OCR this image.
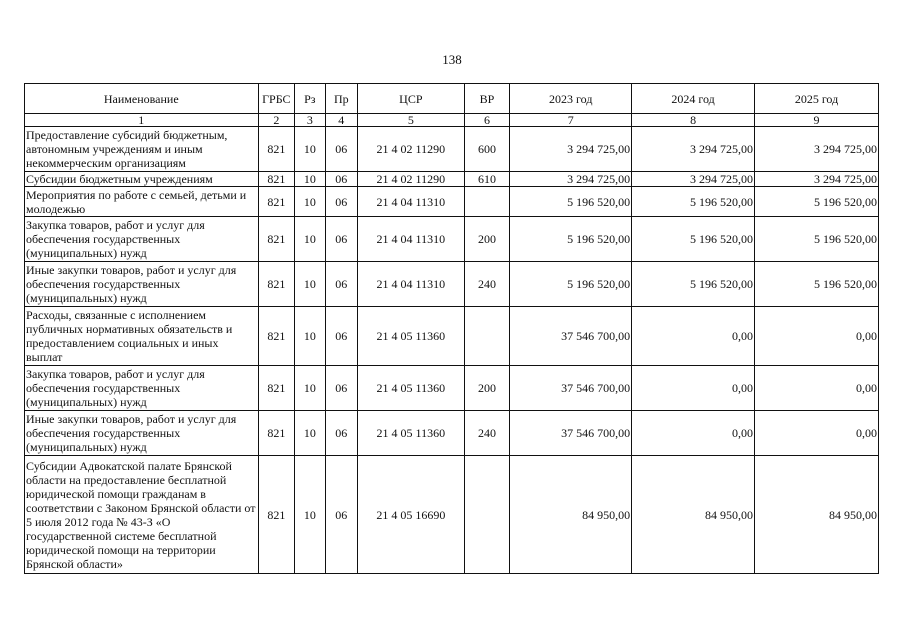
138
Наименование	ГРБС	Рз	Пр	ЦСР	ВР	2023 год	2024 год	2025 год
1	2	3	4	5	6	7	8	9
Предоставление субсидий бюджетным, автономным учреждениям и иным некоммерческим организациям	821	10	06	21 4 02 11290	600	3 294 725,00	3 294 725,00	3 294 725,00
Субсидии бюджетным учреждениям	821	10	06	21 4 02 11290	610	3 294 725,00	3 294 725,00	3 294 725,00
Мероприятия по работе с семьей, детьми и молодежью	821	10	06	21 4 04 11310		5 196 520,00	5 196 520,00	5 196 520,00
Закупка товаров, работ и услуг для обеспечения государственных (муниципальных) нужд	821	10	06	21 4 04 11310	200	5 196 520,00	5 196 520,00	5 196 520,00
Иные закупки товаров, работ и услуг для обеспечения государственных (муниципальных) нужд	821	10	06	21 4 04 11310	240	5 196 520,00	5 196 520,00	5 196 520,00
Расходы, связанные с исполнением публичных нормативных обязательств и предоставлением социальных и иных выплат	821	10	06	21 4 05 11360		37 546 700,00	0,00	0,00
Закупка товаров, работ и услуг для обеспечения государственных (муниципальных) нужд	821	10	06	21 4 05 11360	200	37 546 700,00	0,00	0,00
Иные закупки товаров, работ и услуг для обеспечения государственных (муниципальных) нужд	821	10	06	21 4 05 11360	240	37 546 700,00	0,00	0,00
Субсидии Адвокатской палате Брянской области на предоставление бесплатной юридической помощи гражданам в соответствии с Законом Брянской области от 5 июля 2012 года № 43-З «О государственной системе бесплатной юридической помощи на территории Брянской области»	821	10	06	21 4 05 16690		84 950,00	84 950,00	84 950,00
